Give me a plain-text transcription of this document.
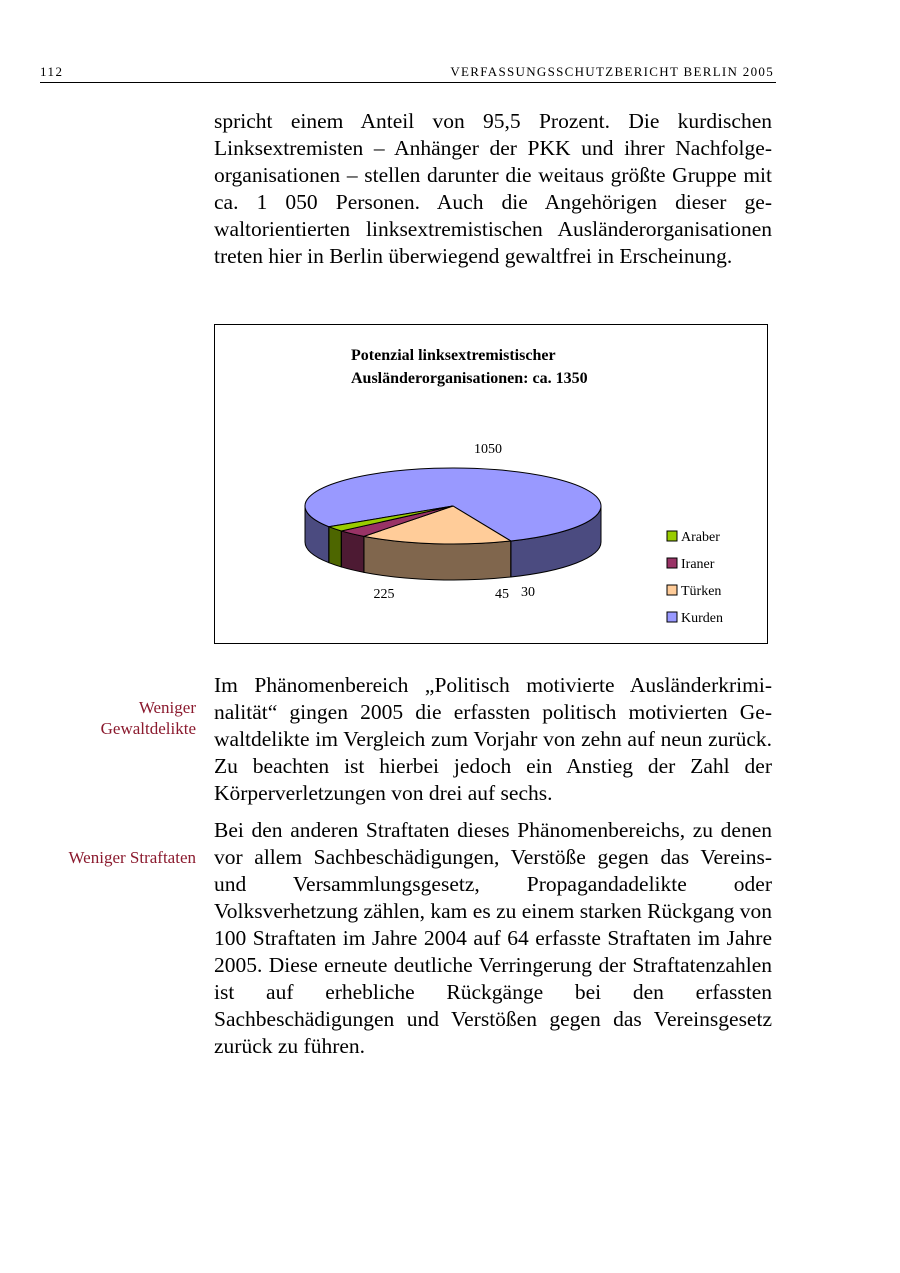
112	VERFASSUNGSSCHUTZBERICHT BERLIN 2005

spricht einem Anteil von 95,5 Prozent. Die kurdischen Linksextremisten – Anhänger der PKK und ihrer Nachfolgeorganisationen – stellen darunter die weitaus größte Gruppe mit ca. 1 050 Personen. Auch die Angehörigen dieser gewaltorientierten linksextremistischen Ausländerorganisationen treten hier in Berlin überwiegend gewaltfrei in Erscheinung.

Potenzial linksextremistischer
Ausländerorganisationen: ca. 1350
1050
225	45 30
Araber
Iraner
Türken
Kurden
Weniger
Gewaltdelikte

Im Phänomenbereich „Politisch motivierte Ausländerkriminalität“ gingen 2005 die erfassten politisch motivierten Gewaltdelikte im Vergleich zum Vorjahr von zehn auf neun zurück. Zu beachten ist hierbei jedoch ein Anstieg der Zahl der Körperverletzungen von drei auf sechs.

Weniger Straftaten

Bei den anderen Straftaten dieses Phänomenbereichs, zu denen vor allem Sachbeschädigungen, Verstöße gegen das Vereins- und Versammlungsgesetz, Propagandadelikte oder Volksverhetzung zählen, kam es zu einem starken Rückgang von 100 Straftaten im Jahre 2004 auf 64 erfasste Straftaten im Jahre 2005. Diese erneute deutliche Verringerung der Straftatenzahlen ist auf erhebliche Rückgänge bei den erfassten Sachbeschädigungen und Verstößen gegen das Vereinsgesetz zurück zu führen.
